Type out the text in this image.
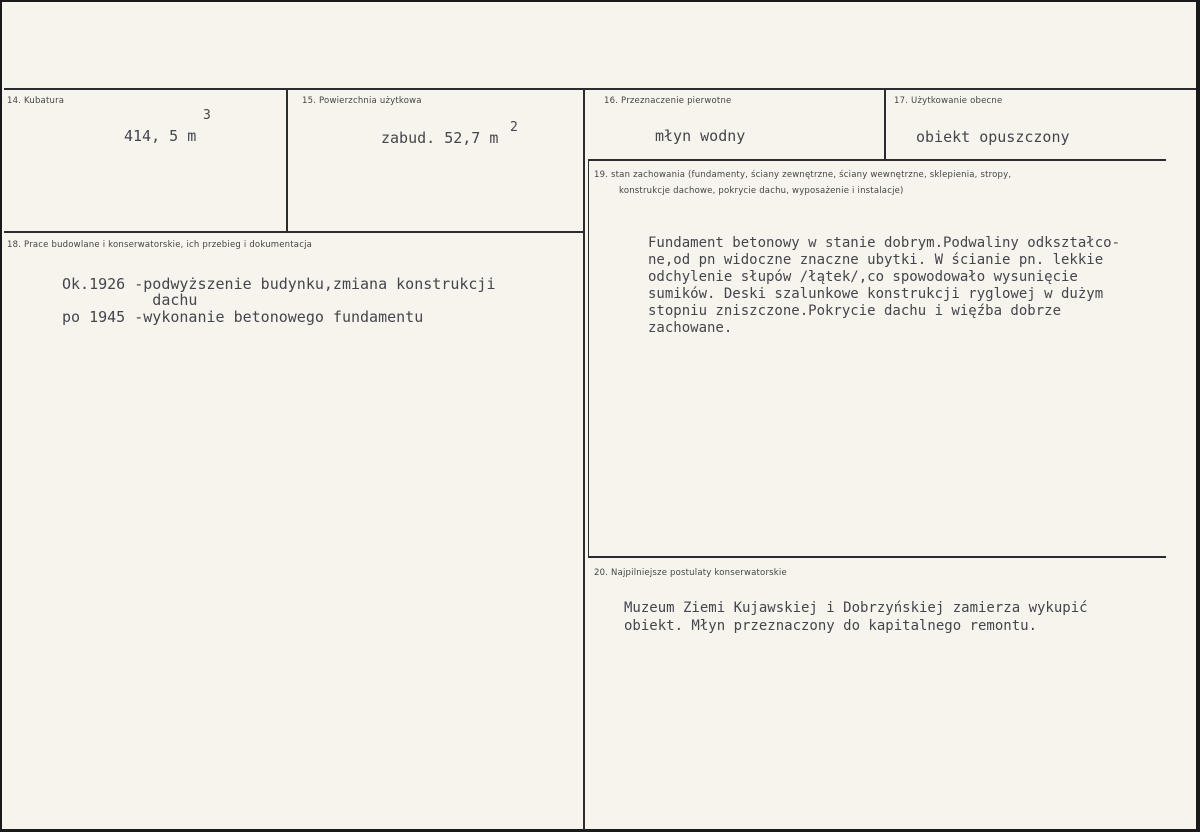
14. Kubatura
414, 5 m
3
15. Powierzchnia użytkowa
zabud. 52,7 m
2
16. Przeznaczenie pierwotne
młyn wodny
17. Użytkowanie obecne
obiekt opuszczony
18. Prace budowlane i konserwatorskie, ich przebieg i dokumentacja
Ok.1926 -podwyższenie budynku,zmiana konstrukcji
dachu
po 1945 -wykonanie betonowego fundamentu
19. stan zachowania (fundamenty, ściany zewnętrzne, ściany wewnętrzne, sklepienia, stropy,
konstrukcje dachowe, pokrycie dachu, wyposażenie i instalacje)
Fundament betonowy w stanie dobrym.Podwaliny odkształco-
ne,od pn widoczne znaczne ubytki. W ścianie pn. lekkie
odchylenie słupów /łątek/,co spowodowało wysunięcie
sumików. Deski szalunkowe konstrukcji ryglowej w dużym
stopniu zniszczone.Pokrycie dachu i więźba dobrze
zachowane.
20. Najpilniejsze postulaty konserwatorskie
Muzeum Ziemi Kujawskiej i Dobrzyńskiej zamierza wykupić
obiekt. Młyn przeznaczony do kapitalnego remontu.
